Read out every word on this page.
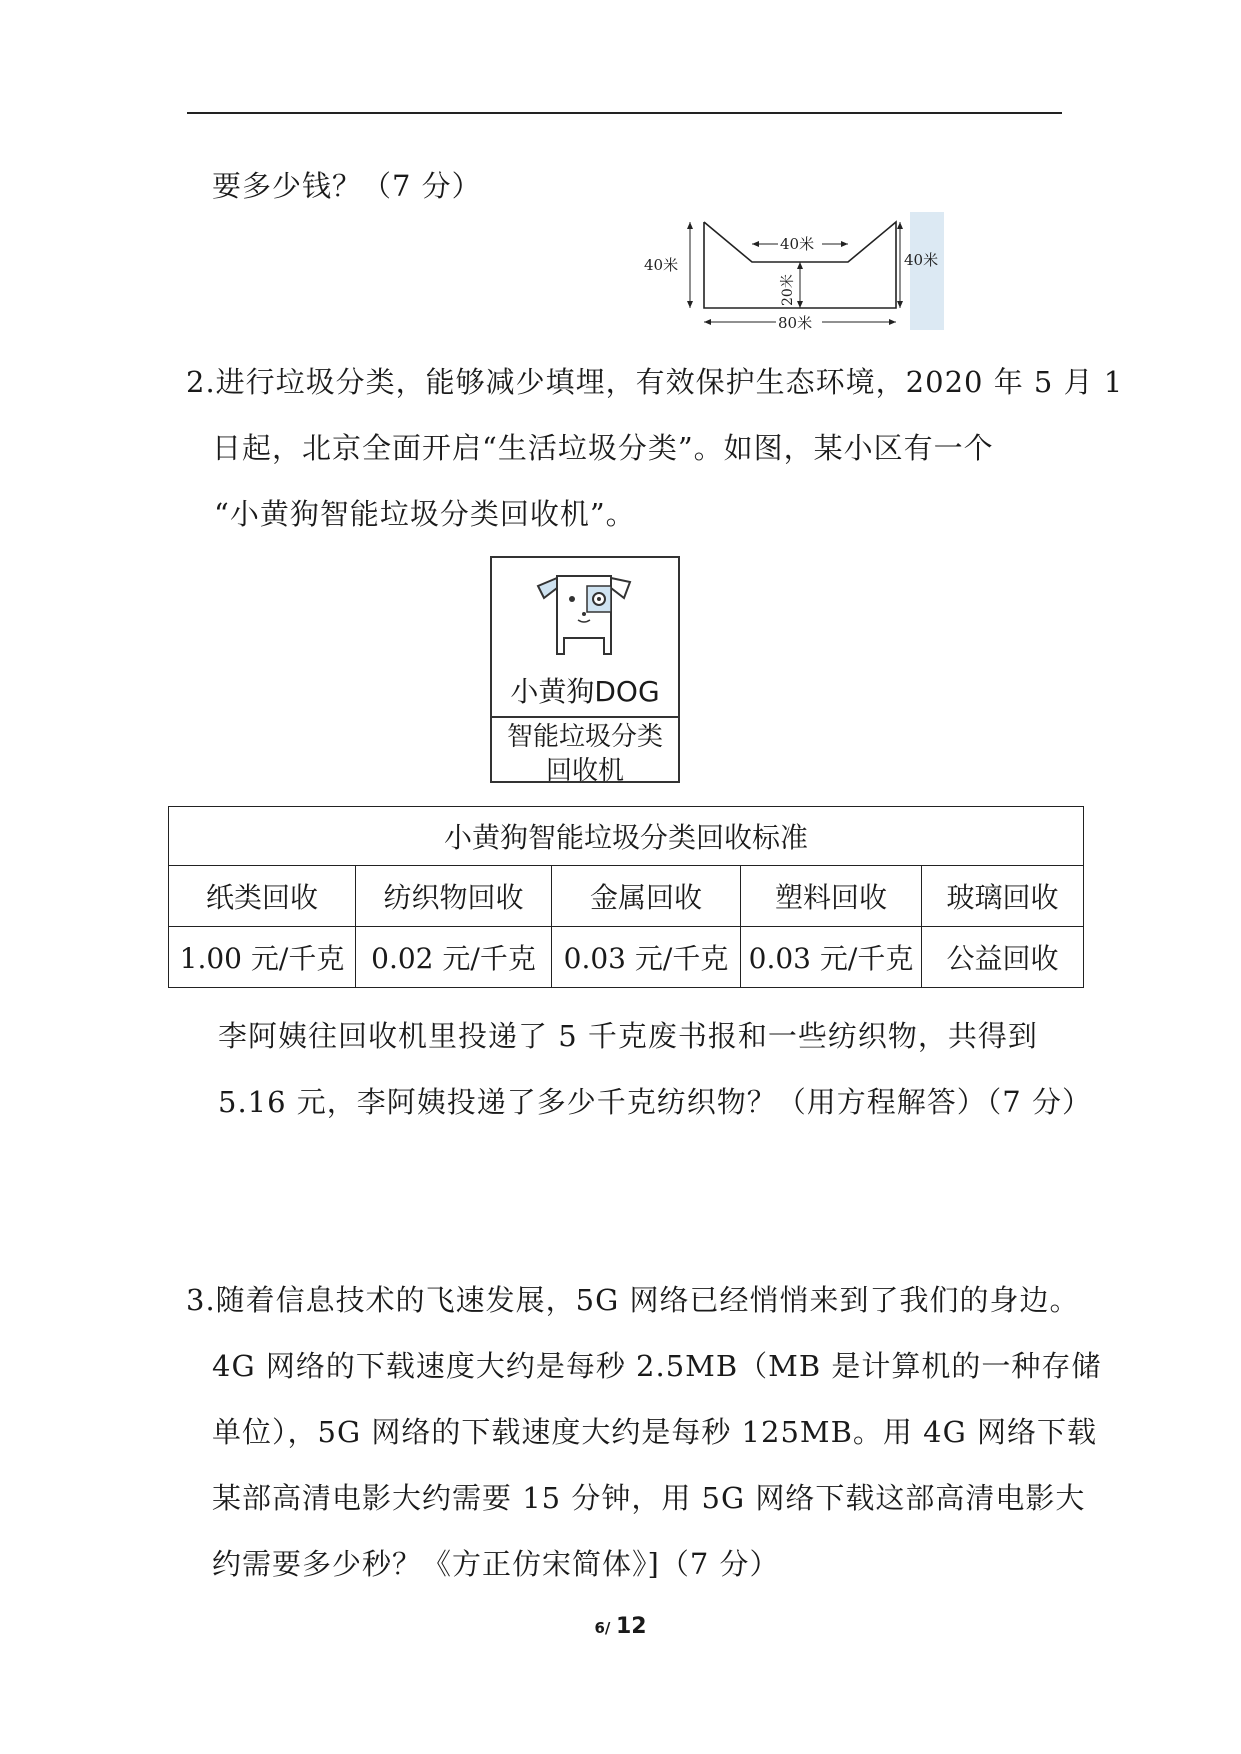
要多少钱？（7 分）
40米
40米
20米
40米
80米
2.进行垃圾分类，能够减少填埋，有效保护生态环境，2020 年 5 月 1
日起，北京全面开启“生活垃圾分类”。如图，某小区有一个
“小黄狗智能垃圾分类回收机”。
小黄狗DOG
智能垃圾分类
回收机
小黄狗智能垃圾分类回收标准				
纸类回收	纺织物回收	金属回收	塑料回收	玻璃回收
1.00 元/千克	0.02 元/千克	0.03 元/千克	0.03 元/千克	公益回收
李阿姨往回收机里投递了 5 千克废书报和一些纺织物，共得到
5.16 元，李阿姨投递了多少千克纺织物？（用方程解答）（7 分）
3.随着信息技术的飞速发展，5G 网络已经悄悄来到了我们的身边。
4G 网络的下载速度大约是每秒 2.5MB（MB 是计算机的一种存储
单位），5G 网络的下载速度大约是每秒 125MB。用 4G 网络下载
某部高清电影大约需要 15 分钟，用 5G 网络下载这部高清电影大
约需要多少秒？《方正仿宋简体》]（7 分）
6/ 12
